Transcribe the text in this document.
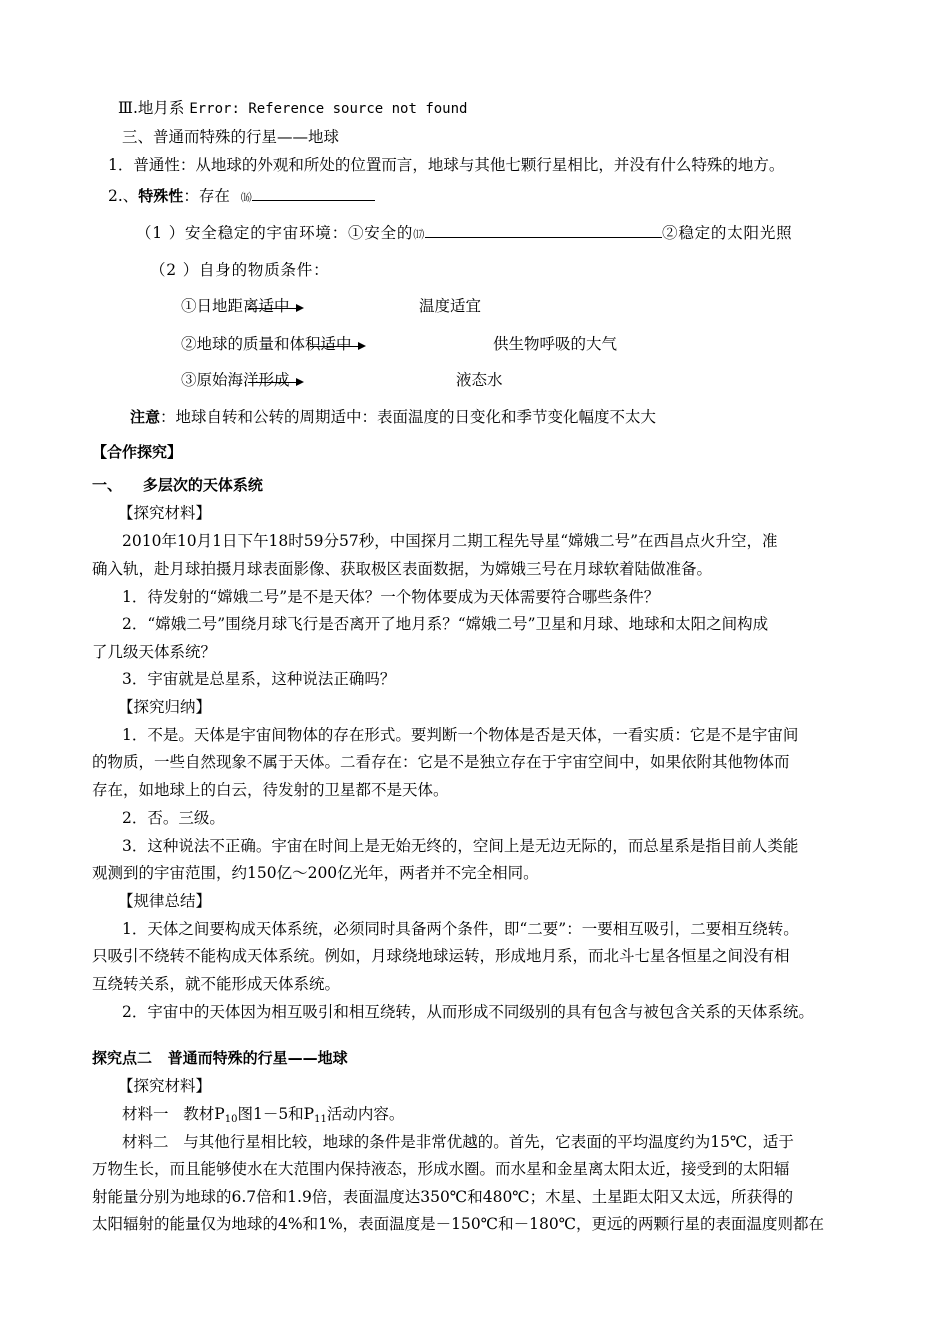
Ⅲ.地月系 Error: Reference source not found
三、普通而特殊的行星——地球
1．普通性：从地球的外观和所处的位置而言，地球与其他七颗行星相比，并没有什么特殊的地方。
2.、特殊性：存在 ⒃
（1 ）安全稳定的宇宙环境：①安全的⒄	②稳定的太阳光照
（2 ）自身的物质条件：
①日地距离适中	温度适宜
②地球的质量和体积适中	供生物呼吸的大气
③原始海洋形成	液态水
注意：地球自转和公转的周期适中：表面温度的日变化和季节变化幅度不太大
【合作探究】
一、    多层次的天体系统
【探究材料】
2010年10月1日下午18时59分57秒，中国探月二期工程先导星“嫦娥二号”在西昌点火升空，准
确入轨，赴月球拍摄月球表面影像、获取极区表面数据，为嫦娥三号在月球软着陆做准备。
1．待发射的“嫦娥二号”是不是天体？一个物体要成为天体需要符合哪些条件？
2．“嫦娥二号”围绕月球飞行是否离开了地月系？“嫦娥二号”卫星和月球、地球和太阳之间构成
了几级天体系统？
3．宇宙就是总星系，这种说法正确吗？
【探究归纳】
1．不是。天体是宇宙间物体的存在形式。要判断一个物体是否是天体，一看实质：它是不是宇宙间
的物质，一些自然现象不属于天体。二看存在：它是不是独立存在于宇宙空间中，如果依附其他物体而
存在，如地球上的白云，待发射的卫星都不是天体。
2．否。三级。
3．这种说法不正确。宇宙在时间上是无始无终的，空间上是无边无际的，而总星系是指目前人类能
观测到的宇宙范围，约150亿～200亿光年，两者并不完全相同。
【规律总结】
1．天体之间要构成天体系统，必须同时具备两个条件，即“二要”：一要相互吸引，二要相互绕转。
只吸引不绕转不能构成天体系统。例如，月球绕地球运转，形成地月系，而北斗七星各恒星之间没有相
互绕转关系，就不能形成天体系统。
2．宇宙中的天体因为相互吸引和相互绕转，从而形成不同级别的具有包含与被包含关系的天体系统。
探究点二   普通而特殊的行星——地球
【探究材料】
材料一   教材$P_{10}$图1－5和$P_{11}$活动内容。
材料二   与其他行星相比较，地球的条件是非常优越的。首先，它表面的平均温度约为15℃，适于
万物生长，而且能够使水在大范围内保持液态，形成水圈。而水星和金星离太阳太近，接受到的太阳辐
射能量分别为地球的6.7倍和1.9倍，表面温度达350℃和480℃；木星、土星距太阳又太远，所获得的
太阳辐射的能量仅为地球的4%和1%，表面温度是－150℃和－180℃，更远的两颗行星的表面温度则都在
